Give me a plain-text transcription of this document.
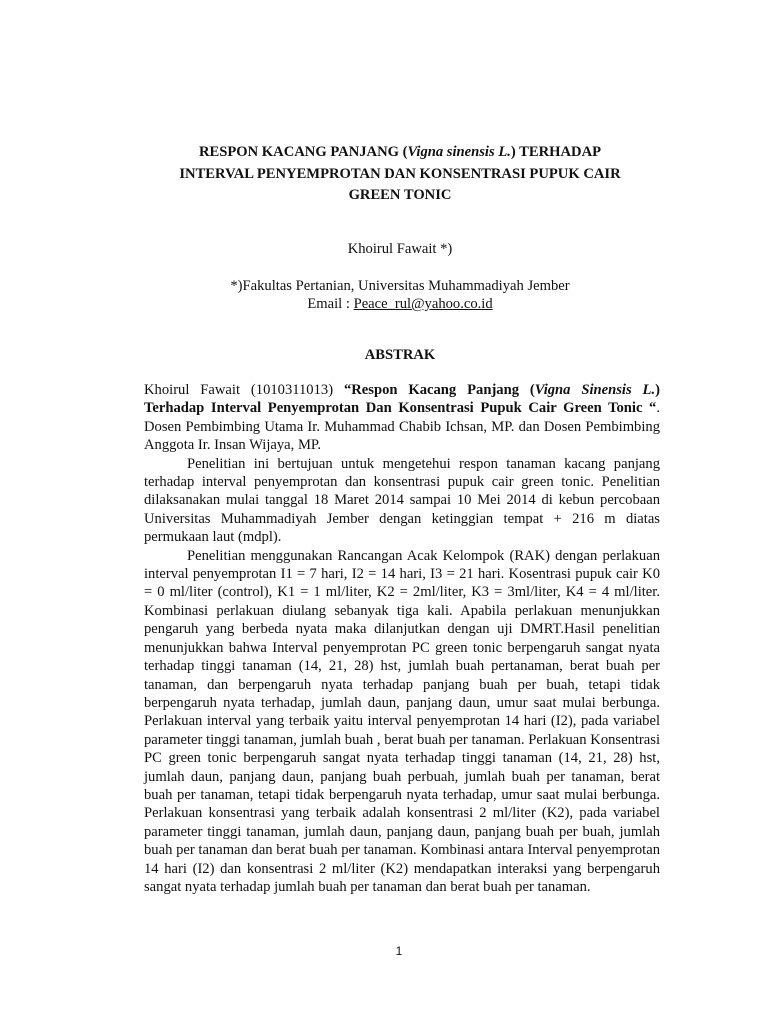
RESPON KACANG PANJANG (Vigna sinensis L.) TERHADAP
INTERVAL PENYEMPROTAN DAN KONSENTRASI PUPUK CAIR
GREEN TONIC
Khoirul Fawait *)
*)Fakultas Pertanian, Universitas Muhammadiyah Jember
Email : Peace_rul@yahoo.co.id
ABSTRAK

Khoirul Fawait (1010311013) “Respon Kacang Panjang (Vigna Sinensis L.) Terhadap Interval Penyemprotan Dan Konsentrasi Pupuk Cair Green Tonic “. Dosen Pembimbing Utama Ir. Muhammad Chabib Ichsan, MP. dan Dosen Pembimbing Anggota Ir. Insan Wijaya, MP.

Penelitian ini bertujuan untuk mengetehui respon tanaman kacang panjang terhadap interval penyemprotan dan konsentrasi pupuk cair green tonic. Penelitian dilaksanakan mulai tanggal 18 Maret 2014 sampai 10 Mei 2014 di kebun percobaan Universitas Muhammadiyah Jember dengan ketinggian tempat + 216 m diatas permukaan laut (mdpl).

Penelitian menggunakan Rancangan Acak Kelompok (RAK) dengan perlakuan interval penyemprotan I1 = 7 hari, I2 = 14 hari, I3 = 21 hari. Kosentrasi pupuk cair K0 = 0 ml/liter (control), K1 = 1 ml/liter, K2 = 2ml/liter, K3 = 3ml/liter, K4 = 4 ml/liter. Kombinasi perlakuan diulang sebanyak tiga kali. Apabila perlakuan menunjukkan pengaruh yang berbeda nyata maka dilanjutkan dengan uji DMRT.Hasil penelitian menunjukkan bahwa Interval penyemprotan PC green tonic berpengaruh sangat nyata terhadap tinggi tanaman (14, 21, 28) hst, jumlah buah pertanaman, berat buah per tanaman, dan berpengaruh nyata terhadap panjang buah per buah, tetapi tidak berpengaruh nyata terhadap, jumlah daun, panjang daun, umur saat mulai berbunga. Perlakuan interval yang terbaik yaitu interval penyemprotan 14 hari (I2), pada variabel parameter tinggi tanaman, jumlah buah , berat buah per tanaman. Perlakuan Konsentrasi PC green tonic berpengaruh sangat nyata terhadap tinggi tanaman (14, 21, 28) hst, jumlah daun, panjang daun, panjang buah perbuah, jumlah buah per tanaman, berat buah per tanaman, tetapi tidak berpengaruh nyata terhadap, umur saat mulai berbunga. Perlakuan konsentrasi yang terbaik adalah konsentrasi 2 ml/liter (K2), pada variabel parameter tinggi tanaman, jumlah daun, panjang daun, panjang buah per buah, jumlah buah per tanaman dan berat buah per tanaman. Kombinasi antara Interval penyemprotan 14 hari (I2) dan konsentrasi 2 ml/liter (K2) mendapatkan interaksi yang berpengaruh sangat nyata terhadap jumlah buah per tanaman dan berat buah per tanaman.

1
